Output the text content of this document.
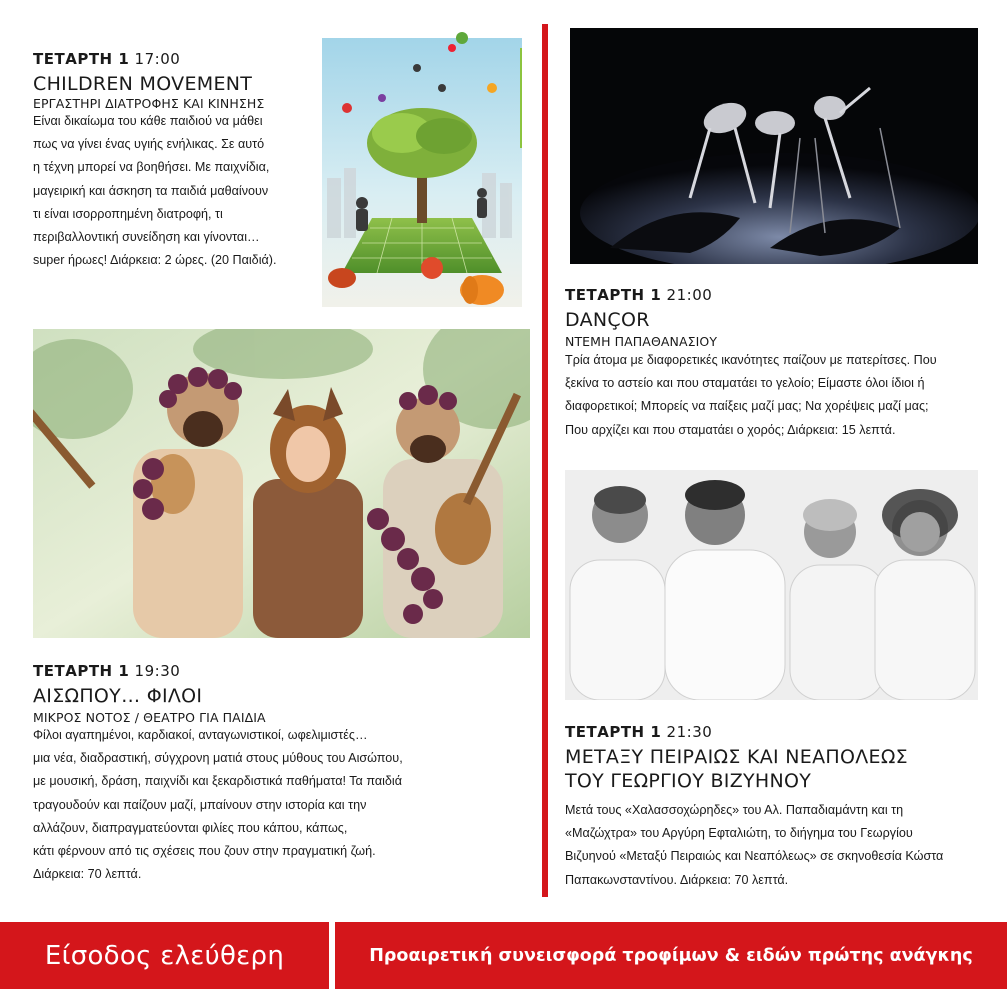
ΤΕΤΑΡΤΗ 1 17:00
CHILDREN MOVEMENT
ΕΡΓΑΣΤΗΡΙ ΔΙΑΤΡΟΦΗΣ ΚΑΙ ΚΙΝΗΣΗΣ

Είναι δικαίωμα του κάθε παιδιού να μάθει

πως να γίνει ένας υγιής ενήλικας. Σε αυτό

η τέχνη μπορεί να βοηθήσει. Με παιχνίδια,

μαγειρική και άσκηση τα παιδιά μαθαίνουν

τι είναι ισορροπημένη διατροφή, τι

περιβαλλοντική συνείδηση και γίνονται…

super ήρωες! Διάρκεια: 2 ώρες. (20 Παιδιά).

ΤΕΤΑΡΤΗ 1 19:30
ΑΙΣΩΠΟΥ… ΦΙΛΟΙ
ΜΙΚΡΟΣ ΝΟΤΟΣ / ΘΕΑΤΡΟ ΓΙΑ ΠΑΙΔΙΑ

Φίλοι αγαπημένοι, καρδιακοί, ανταγωνιστικοί, ωφελιμιστές…

μια νέα, διαδραστική, σύγχρονη ματιά στους μύθους του Αισώπου,

με μουσική, δράση, παιχνίδι και ξεκαρδιστικά παθήματα! Τα παιδιά

τραγουδούν και παίζουν μαζί, μπαίνουν στην ιστορία και την

αλλάζουν, διαπραγματεύονται φιλίες που κάπου, κάπως,

κάτι φέρνουν από τις σχέσεις που ζουν στην πραγματική ζωή.

Διάρκεια: 70 λεπτά.

ΤΕΤΑΡΤΗ 1 21:00
DANÇOR
ΝΤΕΜΗ ΠΑΠΑΘΑΝΑΣΙΟΥ

Τρία άτομα με διαφορετικές ικανότητες παίζουν με πατερίτσες. Που

ξεκίνα το αστείο και που σταματάει το γελοίο; Είμαστε όλοι ίδιοι ή

διαφορετικοί; Μπορείς να παίξεις μαζί μας; Να χορέψεις μαζί μας;

Που αρχίζει και που σταματάει ο χορός; Διάρκεια: 15 λεπτά.

ΤΕΤΑΡΤΗ 1 21:30
ΜΕΤΑΞΥ ΠΕΙΡΑΙΩΣ ΚΑΙ ΝΕΑΠΟΛΕΩΣ
ΤΟΥ ΓΕΩΡΓΙΟΥ ΒΙΖΥΗΝΟΥ

Μετά τους «Χαλασσοχώρηδες» του Αλ. Παπαδιαμάντη και τη

«Μαζώχτρα» του Αργύρη Εφταλιώτη, το διήγημα του Γεωργίου

Βιζυηνού «Μεταξύ Πειραιώς και Νεαπόλεως» σε σκηνοθεσία Κώστα

Παπακωνσταντίνου. Διάρκεια: 70 λεπτά.

Είσοδος ελεύθερη	Προαιρετική συνεισφορά τροφίμων & ειδών πρώτης ανάγκης
